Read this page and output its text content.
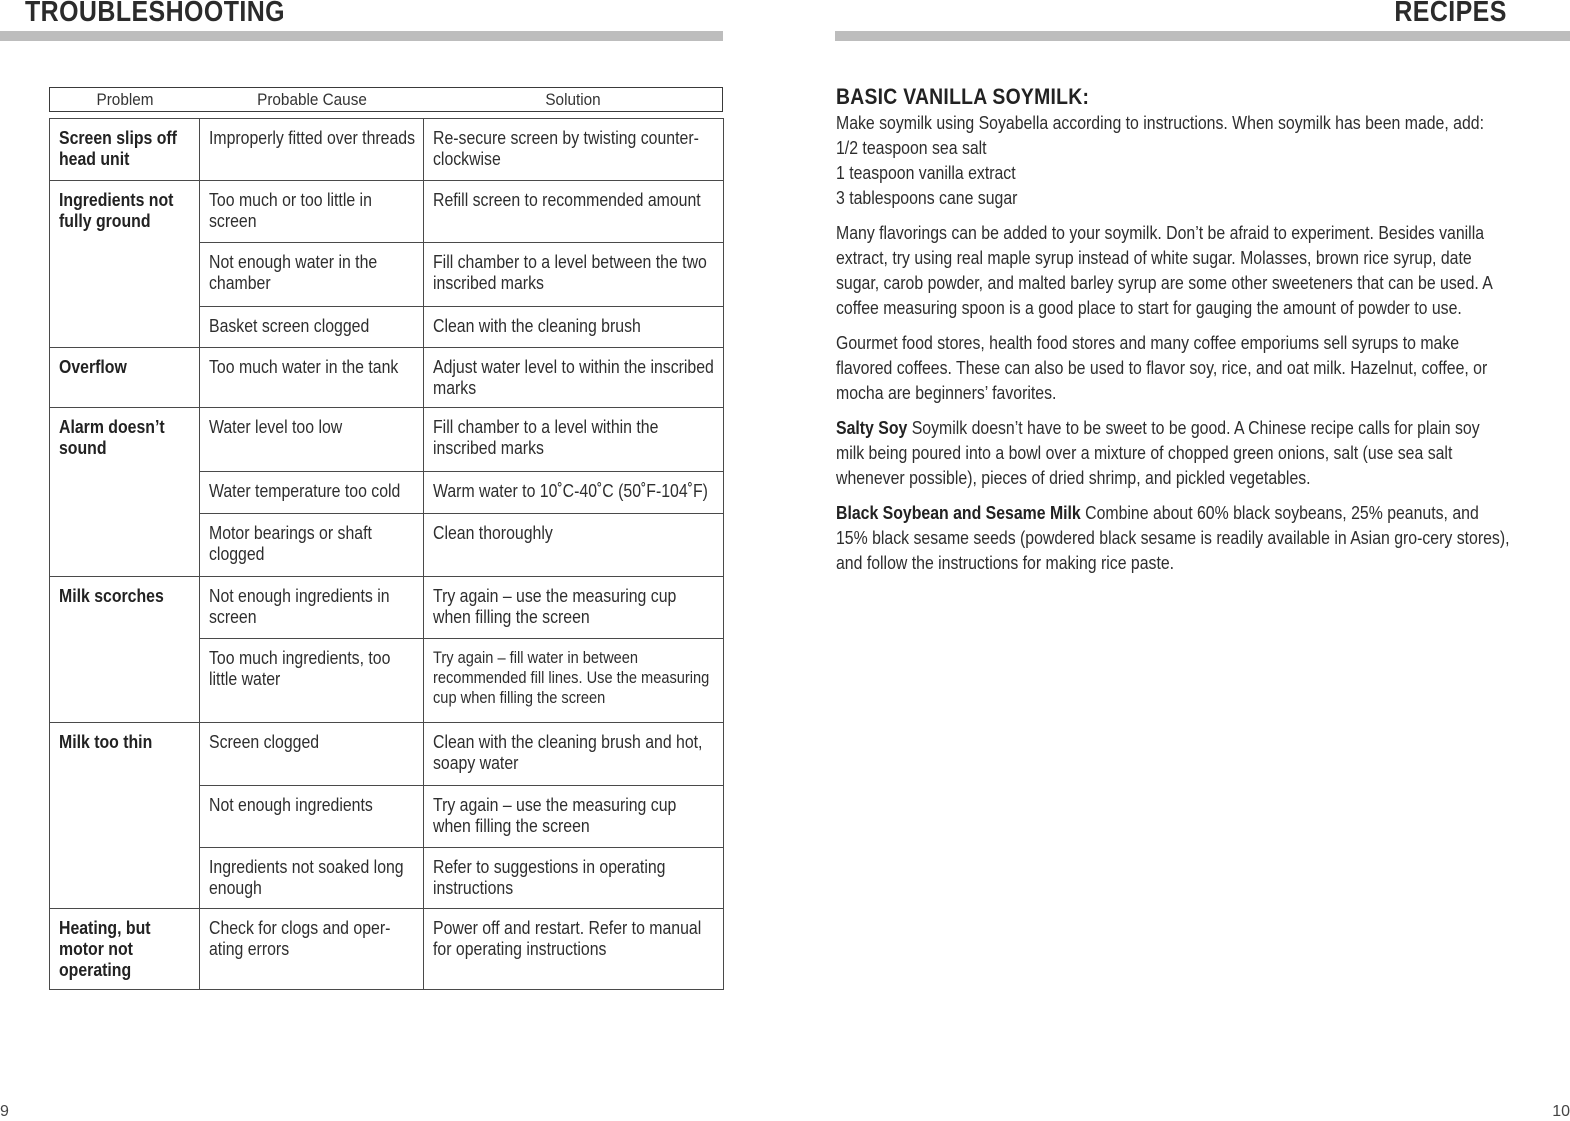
TROUBLESHOOTING
Problem	Probable Cause	Solution
Screen slips off head unit	Improperly fitted over threads	Re-secure screen by twisting counter-clockwise
Ingredients not fully ground	Too much or too little in screen	Refill screen to recommended amount
	Not enough water in the chamber	Fill chamber to a level between the two inscribed marks
	Basket screen clogged	Clean with the cleaning brush
Overflow	Too much water in the tank	Adjust water level to within the inscribed marks
Alarm doesn’t sound	Water level too low	Fill chamber to a level within the inscribed marks
	Water temperature too cold	Warm water to 10˚C-40˚C (50˚F-104˚F)
	Motor bearings or shaft clogged	Clean thoroughly
Milk scorches	Not enough ingredients in screen	Try again – use the measuring cup when filling the screen
	Too much ingredients, too little water	Try again – fill water in between recommended fill lines. Use the measuring cup when filling the screen
Milk too thin	Screen clogged	Clean with the cleaning brush and hot, soapy water
	Not enough ingredients	Try again – use the measuring cup when filling the screen
	Ingredients not soaked long enough	Refer to suggestions in operating instructions
Heating, but motor not operating	Check for clogs and oper-ating errors	Power off and restart. Refer to manual for operating instructions
9
RECIPES
BASIC VANILLA SOYMILK:
Make soymilk using Soyabella according to instructions. When soymilk has been made, add:
1/2 teaspoon sea salt
1 teaspoon vanilla extract
3 tablespoons cane sugar

Many flavorings can be added to your soymilk. Don’t be afraid to experiment. Besides vanilla extract, try using real maple syrup instead of white sugar. Molasses, brown rice syrup, date sugar, carob powder, and malted barley syrup are some other sweeteners that can be used. A coffee measuring spoon is a good place to start for gauging the amount of powder to use.

Gourmet food stores, health food stores and many coffee emporiums sell syrups to make flavored coffees. These can also be used to flavor soy, rice, and oat milk. Hazelnut, coffee, or mocha are beginners’ favorites.

Salty Soy Soymilk doesn’t have to be sweet to be good. A Chinese recipe calls for plain soy milk being poured into a bowl over a mixture of chopped green onions, salt (use sea salt whenever possible), pieces of dried shrimp, and pickled vegetables.

Black Soybean and Sesame Milk Combine about 60% black soybeans, 25% peanuts, and 15% black sesame seeds (powdered black sesame is readily available in Asian gro-cery stores), and follow the instructions for making rice paste.

10
